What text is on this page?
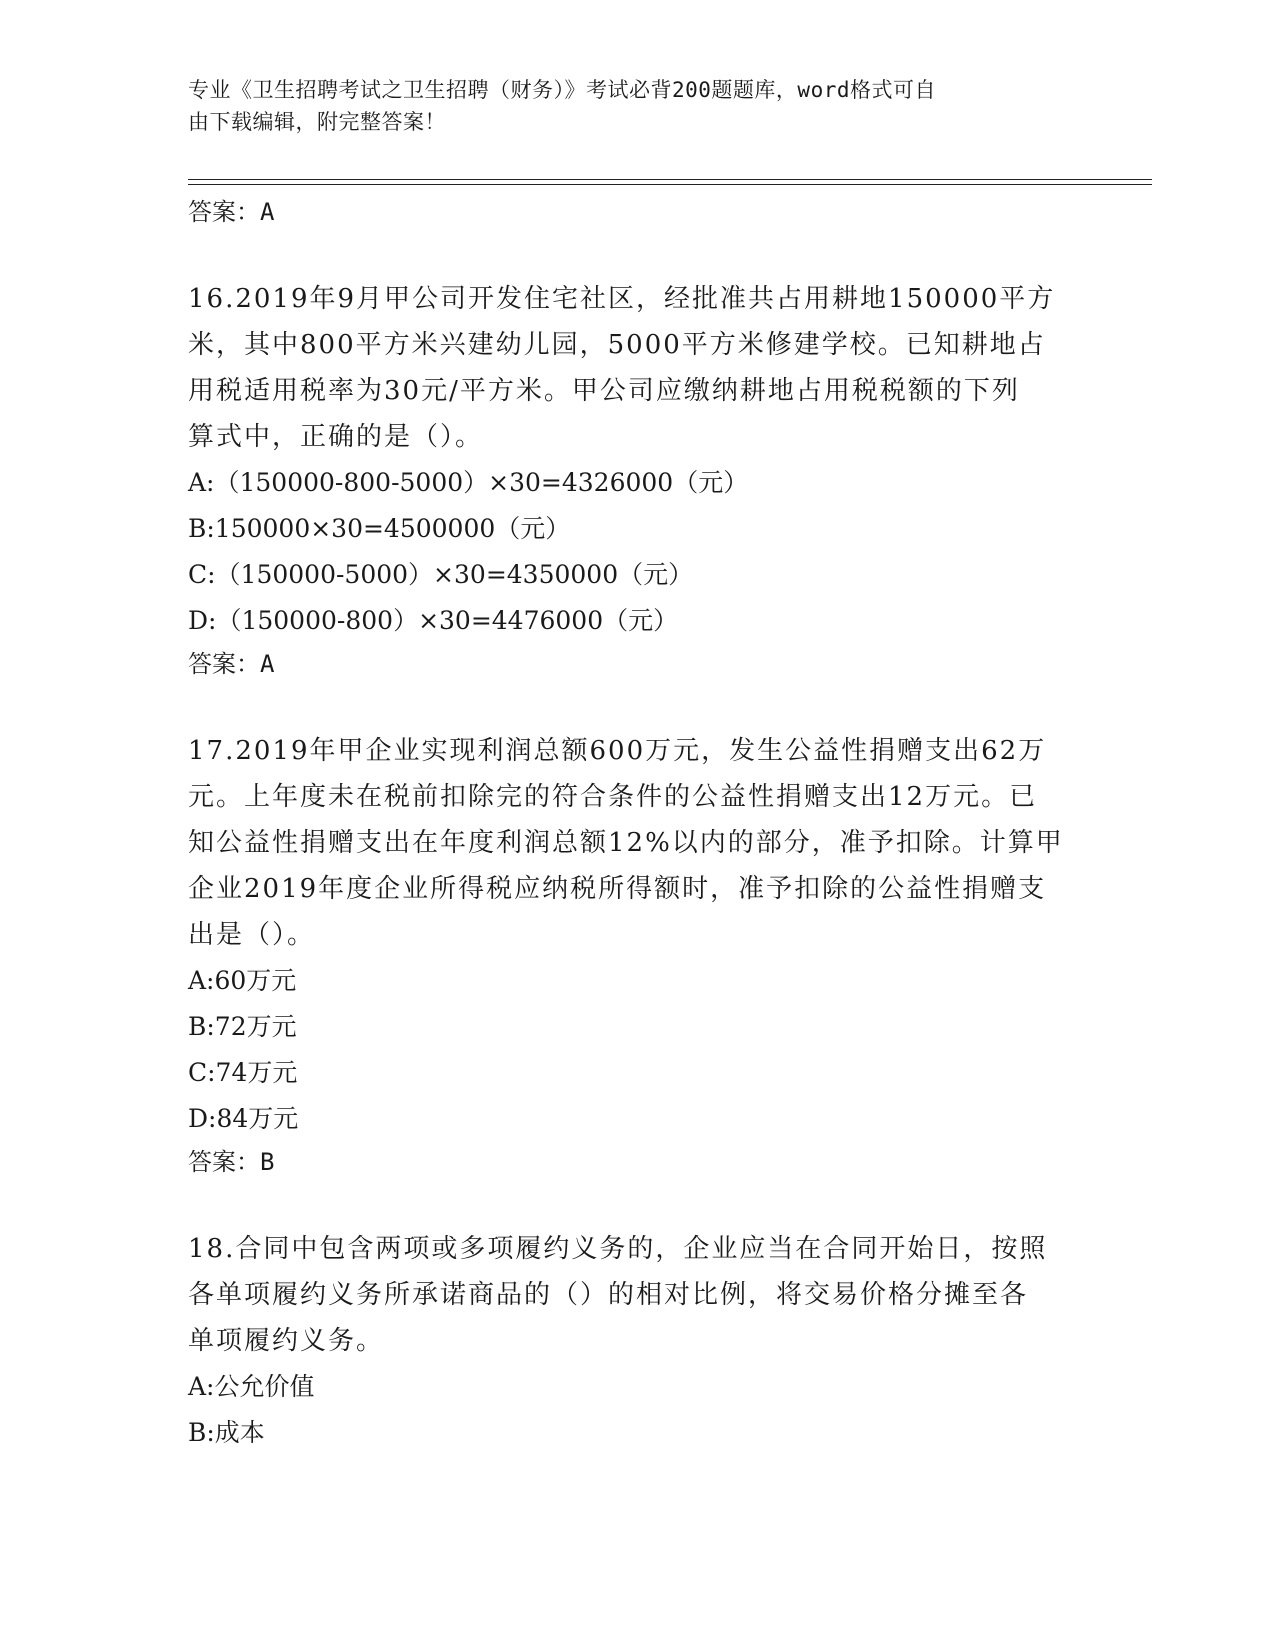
专业《卫生招聘考试之卫生招聘（财务）》考试必背200题题库，word格式可自
由下载编辑，附完整答案！
答案：A

16.2019年9月甲公司开发住宅社区，经批准共占用耕地150000平方

米，其中800平方米兴建幼儿园，5000平方米修建学校。已知耕地占

用税适用税率为30元/平方米。甲公司应缴纳耕地占用税税额的下列

算式中，正确的是（）。

A:（150000-800-5000）×30=4326000（元）
B:150000×30=4500000（元）
C:（150000-5000）×30=4350000（元）
D:（150000-800）×30=4476000（元）
答案：A

17.2019年甲企业实现利润总额600万元，发生公益性捐赠支出62万

元。上年度未在税前扣除完的符合条件的公益性捐赠支出12万元。已

知公益性捐赠支出在年度利润总额12%以内的部分，准予扣除。计算甲

企业2019年度企业所得税应纳税所得额时，准予扣除的公益性捐赠支

出是（）。

A:60万元
B:72万元
C:74万元
D:84万元
答案：B

18.合同中包含两项或多项履约义务的，企业应当在合同开始日，按照

各单项履约义务所承诺商品的（）的相对比例，将交易价格分摊至各

单项履约义务。

A:公允价值
B:成本
